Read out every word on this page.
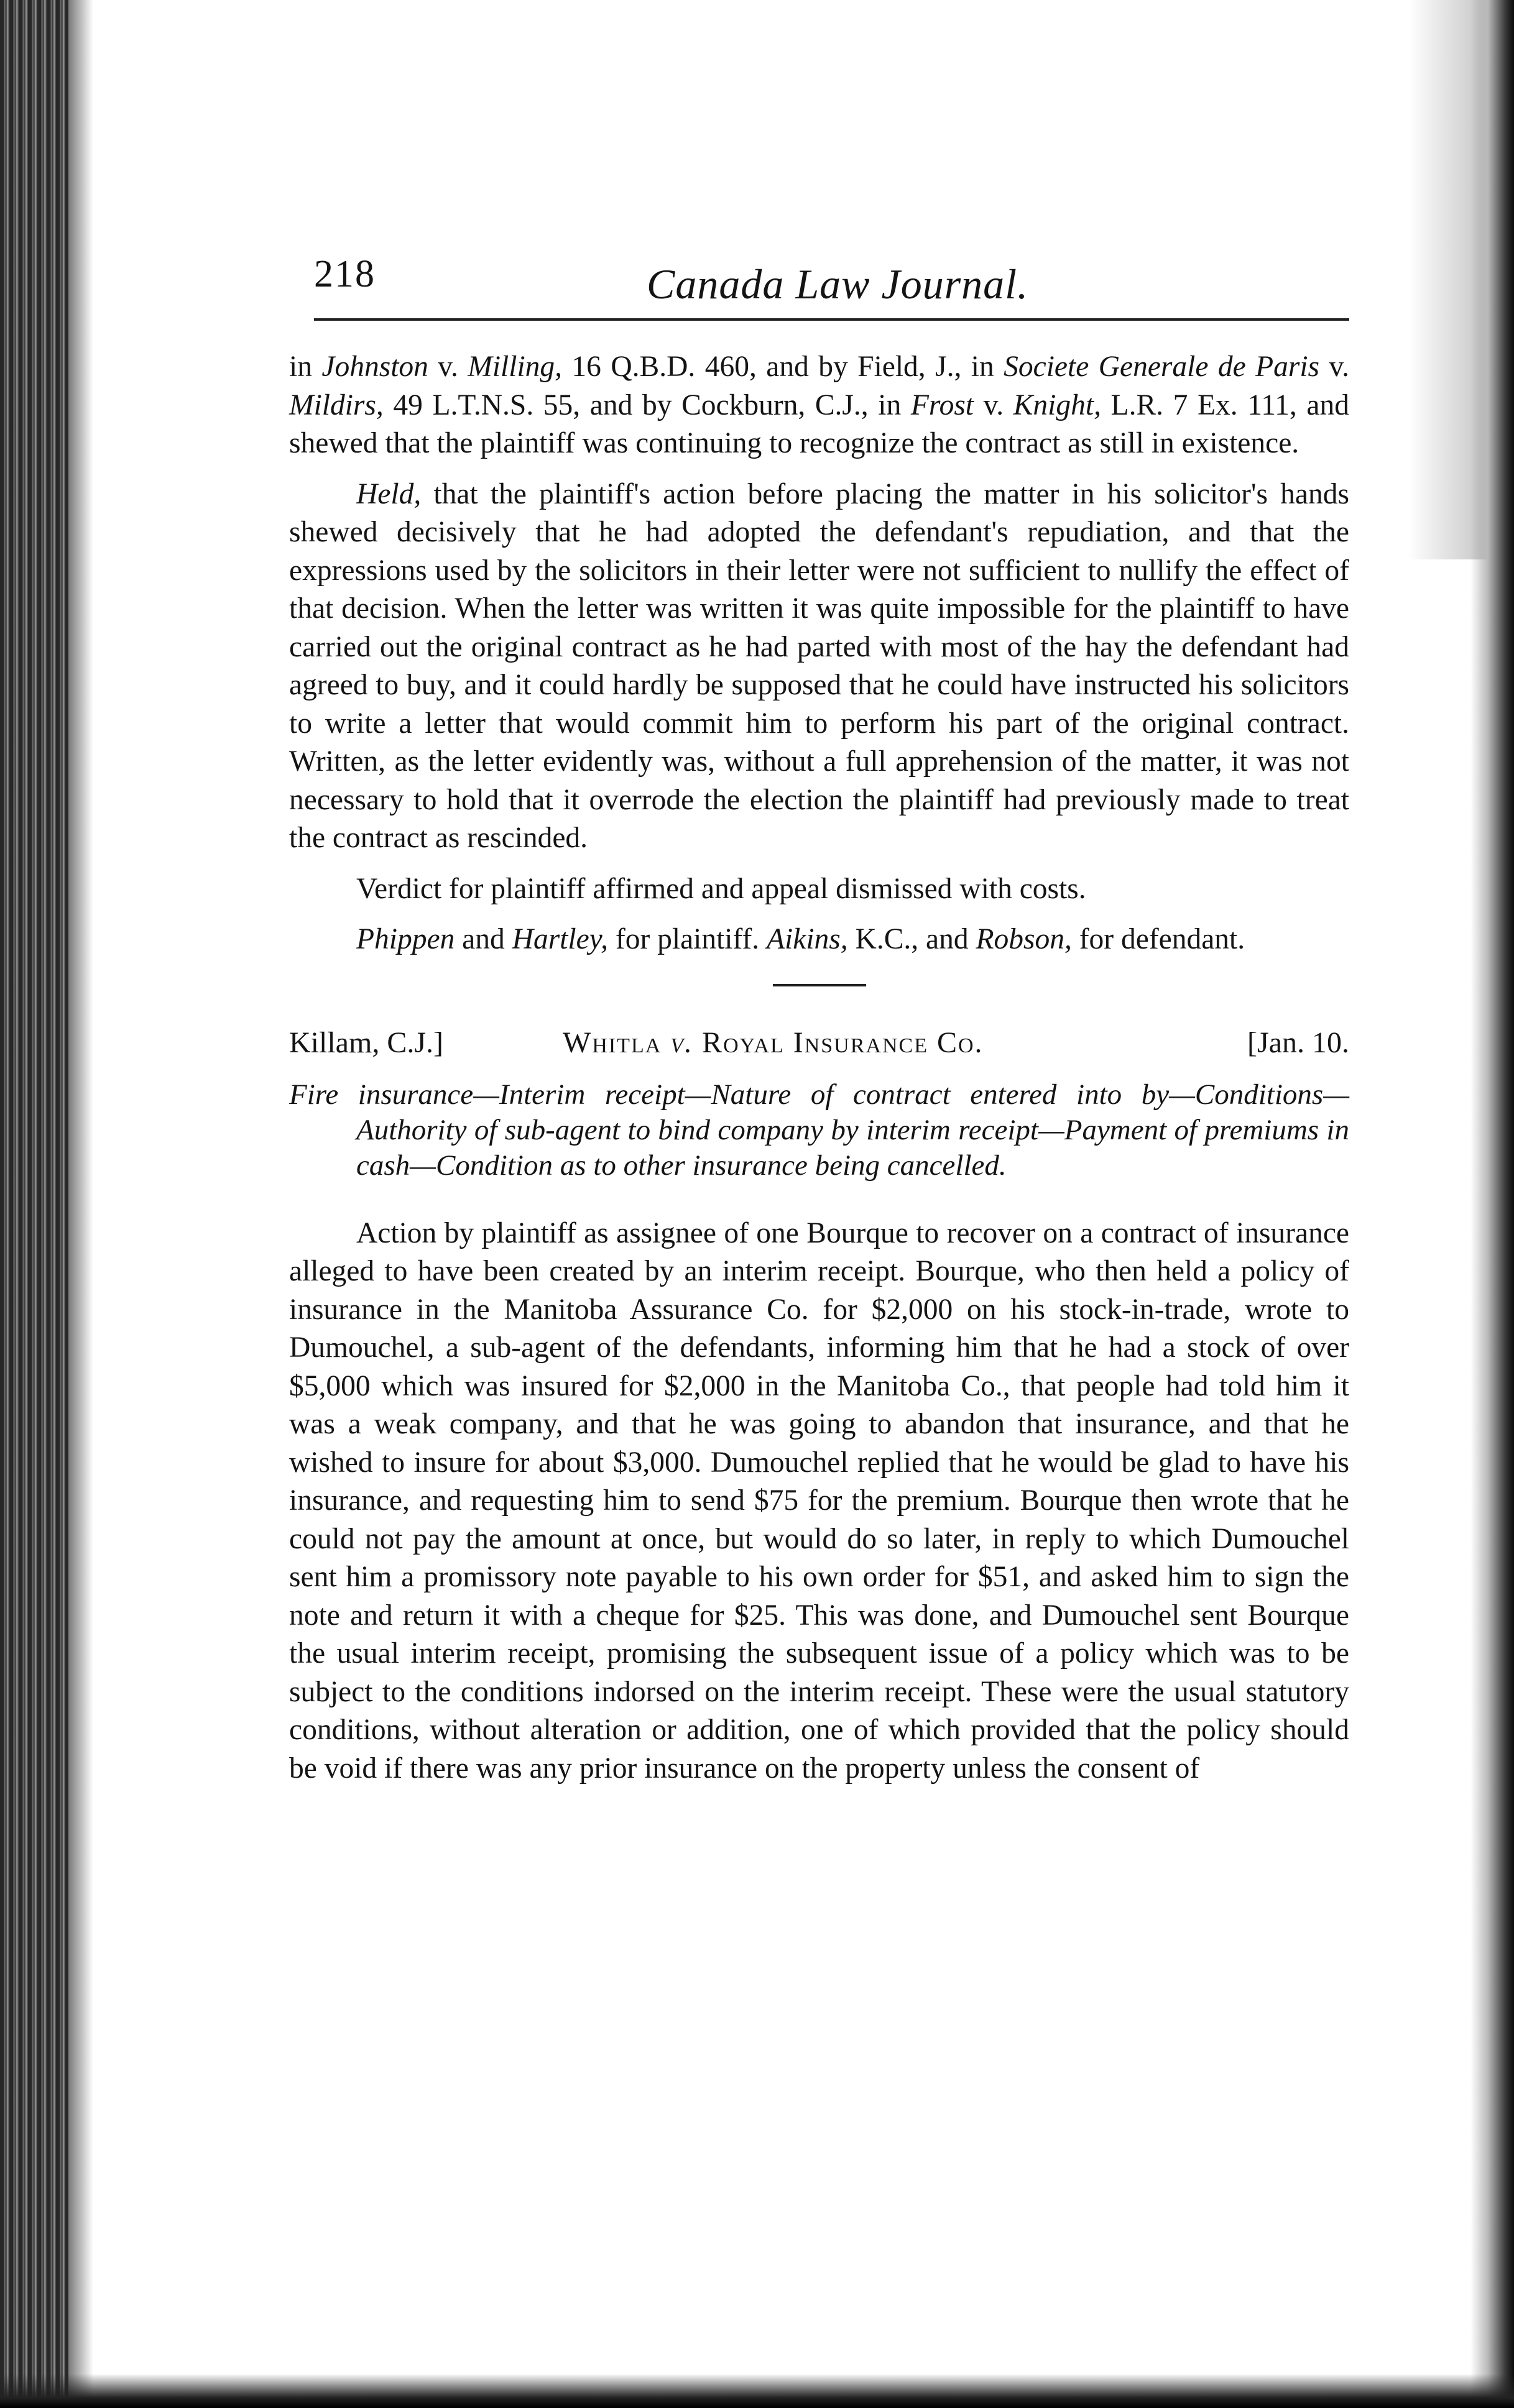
218	Canada Law Journal.

in Johnston v. Milling, 16 Q.B.D. 460, and by Field, J., in Societe Generale de Paris v. Mildirs, 49 L.T.N.S. 55, and by Cockburn, C.J., in Frost v. Knight, L.R. 7 Ex. 111, and shewed that the plaintiff was continuing to recognize the contract as still in existence.

Held, that the plaintiff's action before placing the matter in his solicitor's hands shewed decisively that he had adopted the defendant's repudiation, and that the expressions used by the solicitors in their letter were not sufficient to nullify the effect of that decision. When the letter was written it was quite impossible for the plaintiff to have carried out the original contract as he had parted with most of the hay the defendant had agreed to buy, and it could hardly be supposed that he could have instructed his solicitors to write a letter that would commit him to perform his part of the original contract. Written, as the letter evidently was, without a full apprehension of the matter, it was not necessary to hold that it overrode the election the plaintiff had previously made to treat the contract as rescinded.

Verdict for plaintiff affirmed and appeal dismissed with costs.

Phippen and Hartley, for plaintiff. Aikins, K.C., and Robson, for defendant.

Killam, C.J.]	Whitla v. Royal Insurance Co.	[Jan. 10.

Fire insurance—Interim receipt—Nature of contract entered into by—Conditions—Authority of sub-agent to bind company by interim receipt—Payment of premiums in cash—Condition as to other insurance being cancelled.

Action by plaintiff as assignee of one Bourque to recover on a contract of insurance alleged to have been created by an interim receipt. Bourque, who then held a policy of insurance in the Manitoba Assurance Co. for $2,000 on his stock-in-trade, wrote to Dumouchel, a sub-agent of the defendants, informing him that he had a stock of over $5,000 which was insured for $2,000 in the Manitoba Co., that people had told him it was a weak company, and that he was going to abandon that insurance, and that he wished to insure for about $3,000. Dumouchel replied that he would be glad to have his insurance, and requesting him to send $75 for the premium. Bourque then wrote that he could not pay the amount at once, but would do so later, in reply to which Dumouchel sent him a promissory note payable to his own order for $51, and asked him to sign the note and return it with a cheque for $25. This was done, and Dumouchel sent Bourque the usual interim receipt, promising the subsequent issue of a policy which was to be subject to the conditions indorsed on the interim receipt. These were the usual statutory conditions, without alteration or addition, one of which provided that the policy should be void if there was any prior insurance on the property unless the consent of
